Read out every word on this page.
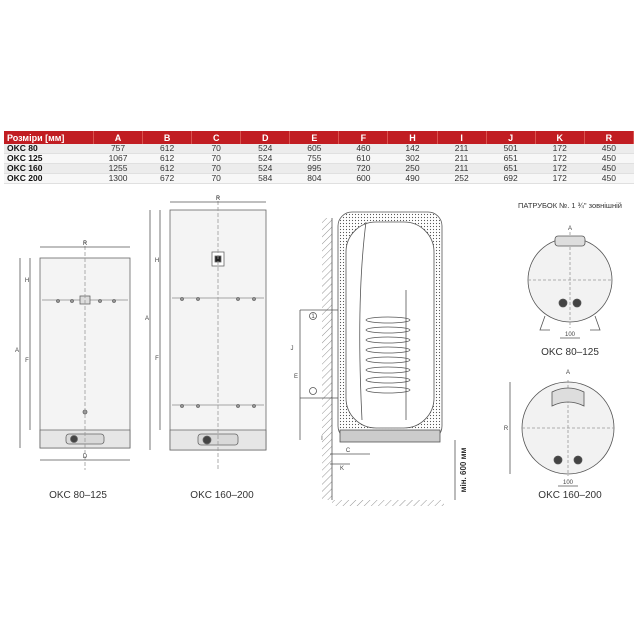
Розміри [мм]	A	B	C	D	E	F	H	I	J	K	R
OKC 80	757	612	70	524	605	460	142	211	501	172	450
OKC 125	1067	612	70	524	755	610	302	211	651	172	450
OKC 160	1255	612	70	524	995	720	250	211	651	172	450
OKC 200	1300	672	70	584	804	600	490	252	692	172	450
R
D
A
H
F
OKC 80–125
R
A
H
F
OKC 160–200
E
J
1
C
K
I
мін. 600 мм
ПАТРУБОК №. 1 ¾" зовнішній
A
100
OKC 80–125
A
R
100
OKC 160–200
